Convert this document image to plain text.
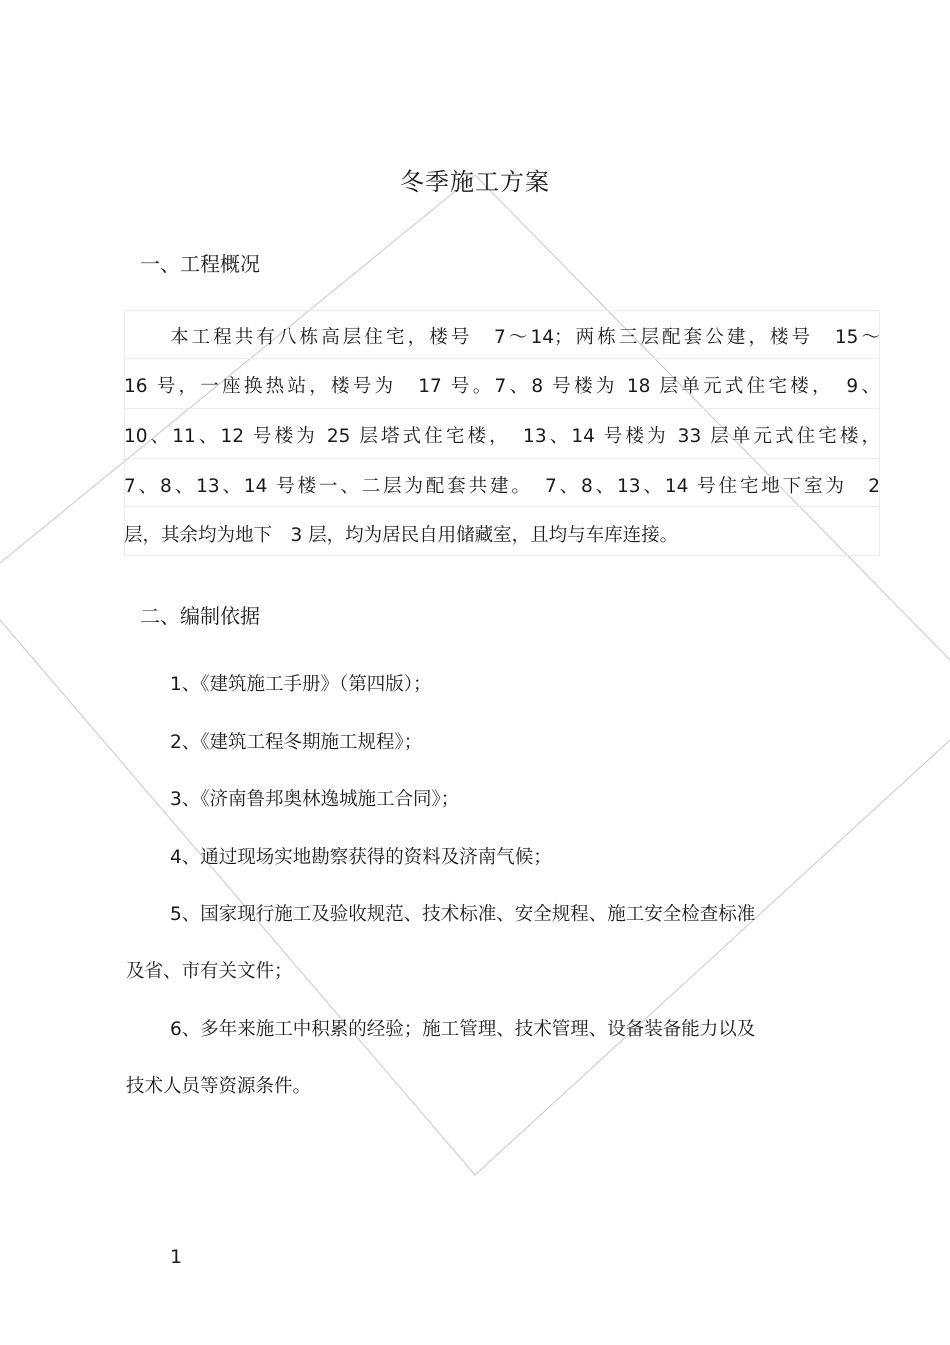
冬季施工方案
一、工程概况
本工程共有八栋高层住宅，楼号　7～14；两栋三层配套公建，楼号　15～
16 号，一座换热站，楼号为　17 号。7、8 号楼为 18 层单元式住宅楼，　9、
10、11、12 号楼为 25 层塔式住宅楼，　13、14 号楼为 33 层单元式住宅楼，
7、8、13、14 号楼一、二层为配套共建。　7、8、13、14 号住宅地下室为　2
层，其余均为地下　3 层，均为居民自用储藏室，且均与车库连接。
二、编制依据
1、《建筑施工手册》（第四版）；
2、《建筑工程冬期施工规程》；
3、《济南鲁邦奥林逸城施工合同》；
4、通过现场实地勘察获得的资料及济南气候；
5、国家现行施工及验收规范、技术标准、安全规程、施工安全检查标准
及省、市有关文件；
6、多年来施工中积累的经验；施工管理、技术管理、设备装备能力以及
技术人员等资源条件。
1
